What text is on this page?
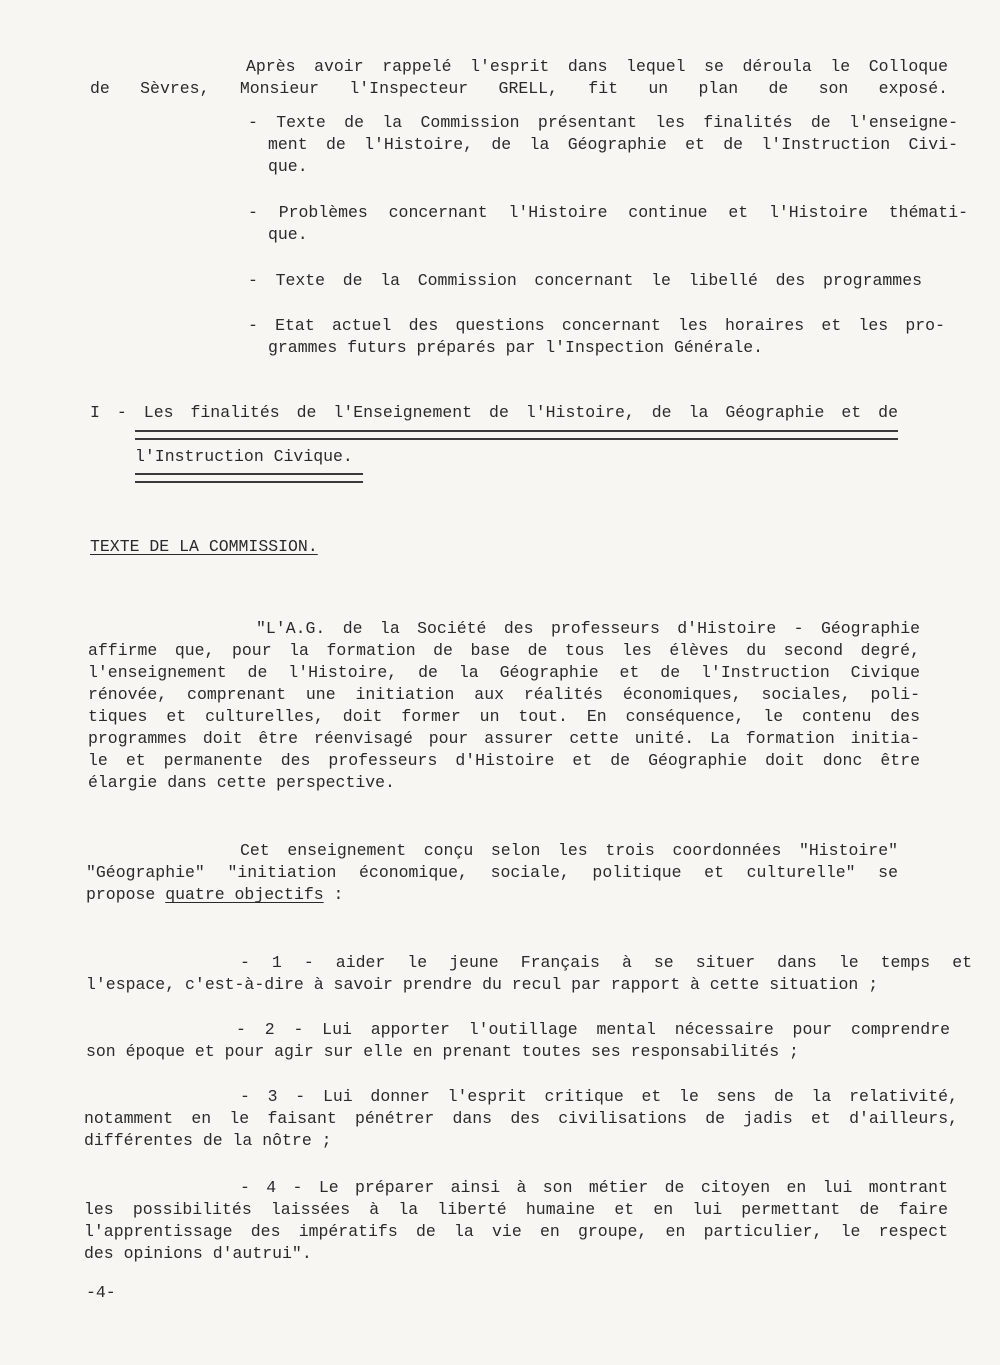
Après avoir rappelé l'esprit dans lequel se déroula le Colloque
de Sèvres, Monsieur l'Inspecteur GRELL, fit un plan de son exposé.
- Texte de la Commission présentant les finalités de l'enseigne-
ment de l'Histoire, de la Géographie et de l'Instruction Civi-
que.
- Problèmes concernant l'Histoire continue et l'Histoire thémati-
que.
- Texte de la Commission concernant le libellé des programmes
- Etat actuel des questions concernant les horaires et les pro-
grammes futurs préparés par l'Inspection Générale.
I - Les finalités de l'Enseignement de l'Histoire, de la Géographie et de
l'Instruction Civique.
TEXTE DE LA COMMISSION.
"L'A.G. de la Société des professeurs d'Histoire - Géographie
affirme que, pour la formation de base de tous les élèves du second degré,
l'enseignement de l'Histoire, de la Géographie et de l'Instruction Civique
rénovée, comprenant une initiation aux réalités économiques, sociales, poli-
tiques et culturelles, doit former un tout. En conséquence, le contenu des
programmes doit être réenvisagé pour assurer cette unité. La formation initia-
le et permanente des professeurs d'Histoire et de Géographie doit donc être
élargie dans cette perspective.
Cet enseignement conçu selon les trois coordonnées "Histoire"
"Géographie" "initiation économique, sociale, politique et culturelle" se
propose quatre objectifs :
- 1 - aider le jeune Français à se situer dans le temps et
l'espace, c'est-à-dire à savoir prendre du recul par rapport à cette situation ;
- 2 - Lui apporter l'outillage mental nécessaire pour comprendre
son époque et pour agir sur elle en prenant toutes ses responsabilités ;
- 3 - Lui donner l'esprit critique et le sens de la relativité,
notamment en le faisant pénétrer dans des civilisations de jadis et d'ailleurs,
différentes de la nôtre ;
- 4 - Le préparer ainsi à son métier de citoyen en lui montrant
les possibilités laissées à la liberté humaine et en lui permettant de faire
l'apprentissage des impératifs de la vie en groupe, en particulier, le respect
des opinions d'autrui".
-4-
